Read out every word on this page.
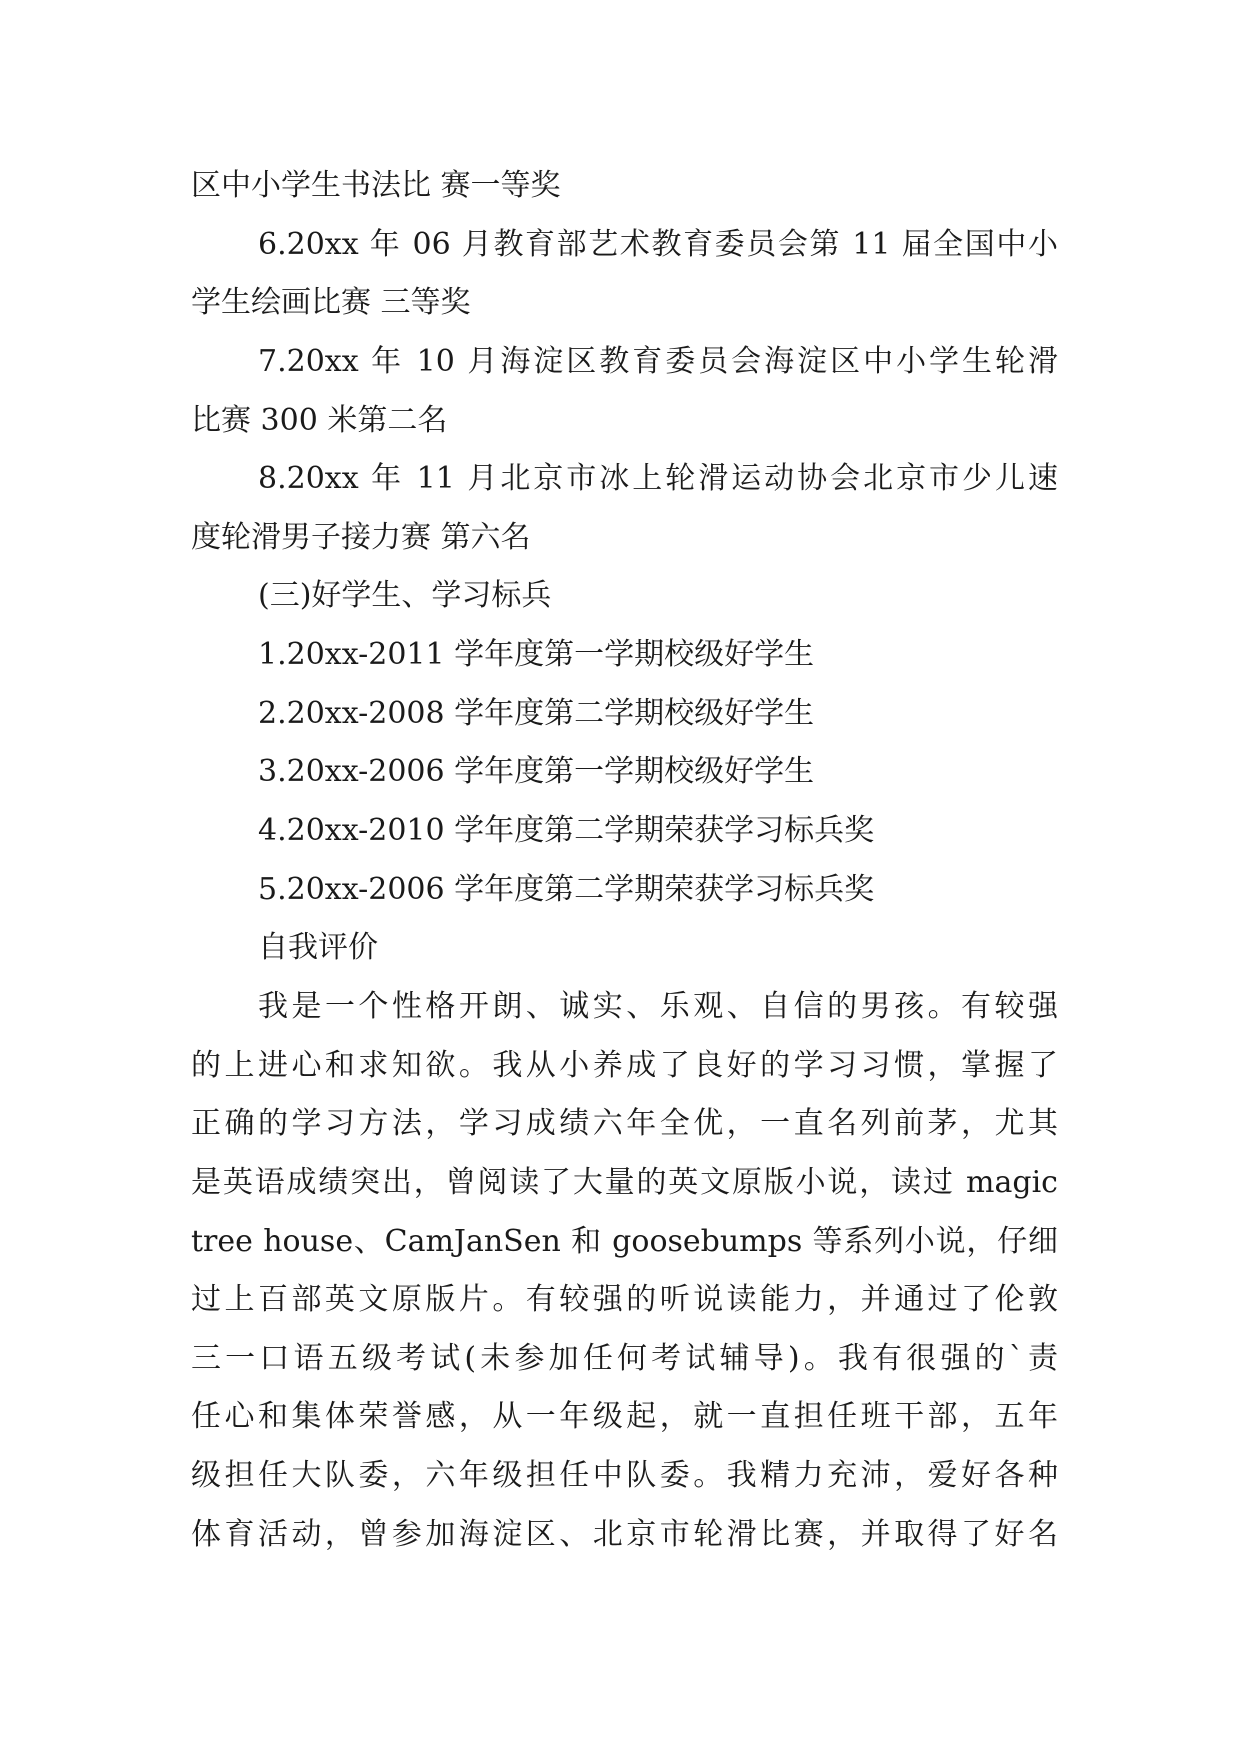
区中小学生书法比 赛一等奖
6.20xx 年 06 月教育部艺术教育委员会第 11 届全国中小
学生绘画比赛 三等奖
7.20xx 年 10 月海淀区教育委员会海淀区中小学生轮滑
比赛 300 米第二名
8.20xx 年 11 月北京市冰上轮滑运动协会北京市少儿速
度轮滑男子接力赛 第六名
(三)好学生、学习标兵
1.20xx-2011 学年度第一学期校级好学生
2.20xx-2008 学年度第二学期校级好学生
3.20xx-2006 学年度第一学期校级好学生
4.20xx-2010 学年度第二学期荣获学习标兵奖
5.20xx-2006 学年度第二学期荣获学习标兵奖
自我评价
我是一个性格开朗、诚实、乐观、自信的男孩。有较强
的上进心和求知欲。我从小养成了良好的学习习惯，掌握了
正确的学习方法，学习成绩六年全优，一直名列前茅，尤其
是英语成绩突出，曾阅读了大量的英文原版小说，读过 magic
tree house、CamJanSen 和 goosebumps 等系列小说，仔细
过上百部英文原版片。有较强的听说读能力，并通过了伦敦
三一口语五级考试(未参加任何考试辅导)。我有很强的`责
任心和集体荣誉感，从一年级起，就一直担任班干部，五年
级担任大队委，六年级担任中队委。我精力充沛，爱好各种
体育活动，曾参加海淀区、北京市轮滑比赛，并取得了好名
